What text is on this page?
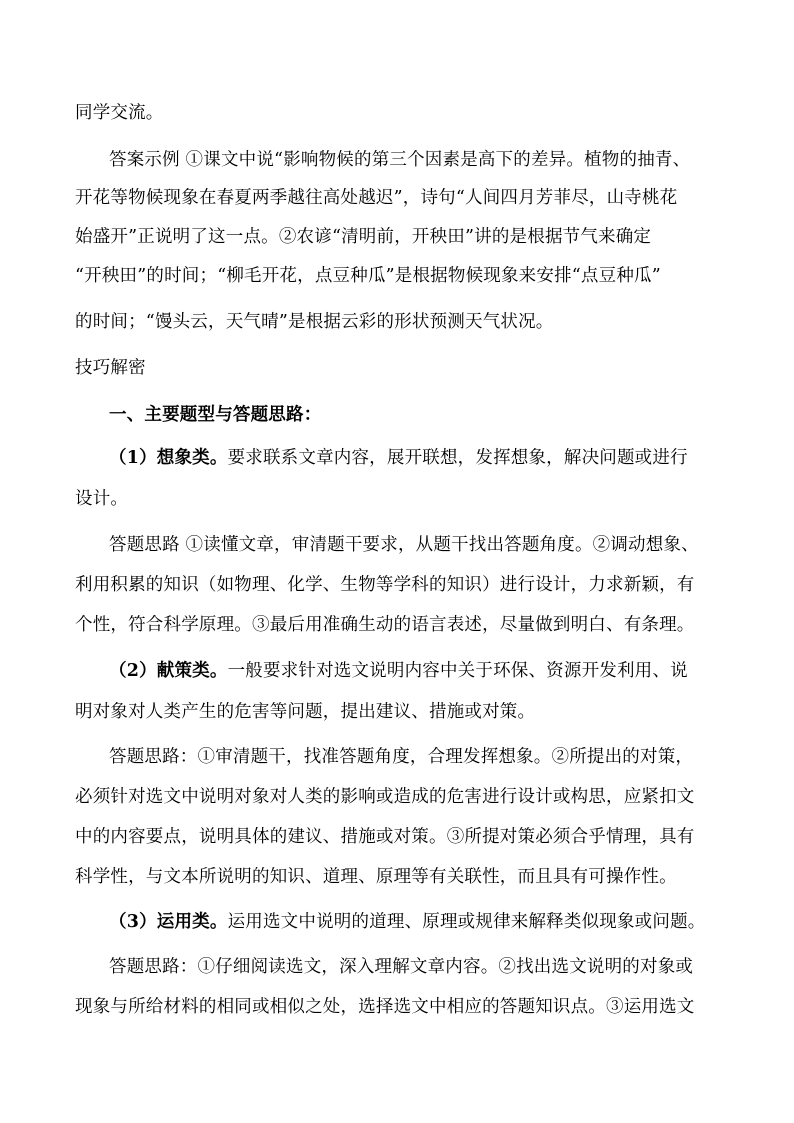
同学交流。
答案示例 ①课文中说“影响物候的第三个因素是高下的差异。植物的抽青、
开花等物候现象在春夏两季越往高处越迟”，诗句“人间四月芳菲尽，山寺桃花
始盛开”正说明了这一点。②农谚“清明前，开秧田”讲的是根据节气来确定
“开秧田”的时间；“柳毛开花，点豆种瓜”是根据物候现象来安排“点豆种瓜”
的时间；“馒头云，天气晴”是根据云彩的形状预测天气状况。
技巧解密
一、主要题型与答题思路：
（1）想象类。要求联系文章内容，展开联想，发挥想象，解决问题或进行
设计。
答题思路 ①读懂文章，审清题干要求，从题干找出答题角度。②调动想象、
利用积累的知识（如物理、化学、生物等学科的知识）进行设计，力求新颖，有
个性，符合科学原理。③最后用准确生动的语言表述，尽量做到明白、有条理。
（2）献策类。一般要求针对选文说明内容中关于环保、资源开发利用、说
明对象对人类产生的危害等问题，提出建议、措施或对策。
答题思路：①审清题干，找准答题角度，合理发挥想象。②所提出的对策，
必须针对选文中说明对象对人类的影响或造成的危害进行设计或构思，应紧扣文
中的内容要点，说明具体的建议、措施或对策。③所提对策必须合乎情理，具有
科学性，与文本所说明的知识、道理、原理等有关联性，而且具有可操作性。
（3）运用类。运用选文中说明的道理、原理或规律来解释类似现象或问题。
答题思路：①仔细阅读选文，深入理解文章内容。②找出选文说明的对象或
现象与所给材料的相同或相似之处，选择选文中相应的答题知识点。③运用选文
